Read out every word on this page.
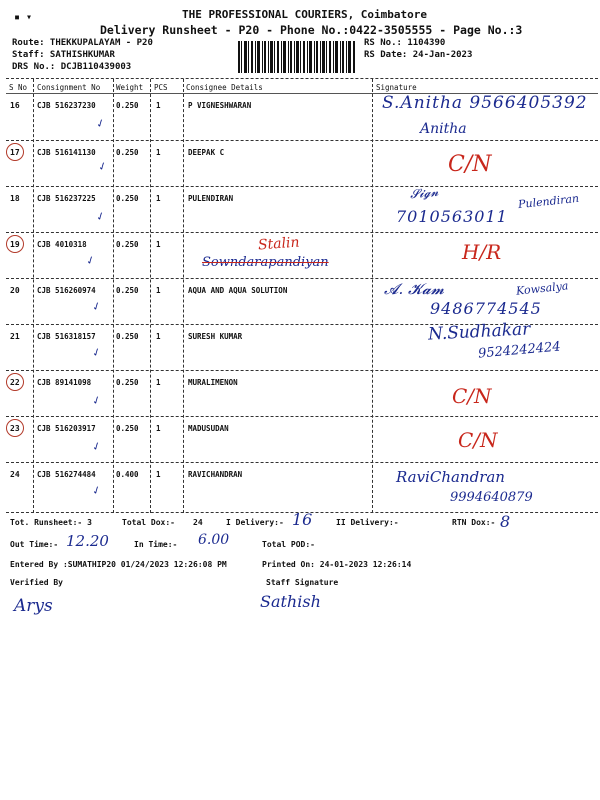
THE PROFESSIONAL COURIERS, Coimbatore
Delivery Runsheet - P20 - Phone No.:0422-3505555 - Page No.:3
Route: THEKKUPALAYAM - P20
Staff: SATHISHKUMAR
DRS No.: DCJB110439003
RS No.: 1104390
RS Date: 24-Jan-2023
▪ ▾
S No Consignment No Weight PCS Consignee Details	Signature
16 CJB 516237230	0.250 1	P VIGNESHWARAN
✓
S.Anitha 9566405392
Anitha
17 CJB 516141130	0.250 1	DEEPAK C
✓	C/N
18 CJB 516237225	0.250 1	PULENDIRAN
✓
𝓢𝓲𝓰𝓷	Pulendiran
7010563011
19 CJB 4010318	0.250 1	Stalin
Sowndarapandiyan
✓	H/R
20 CJB 516260974	0.250 1	AQUA AND AQUA SOLUTION
✓
𝓐. 𝓚𝓪𝓶	Kowsalya
9486774545
21 CJB 516318157	0.250 1	SURESH KUMAR
✓
N.Sudhakar
9524242424
22 CJB 89141098	0.250 1	MURALIMENON
✓	C/N
23 CJB 516203917	0.250 1	MADUSUDAN
✓	C/N
24 CJB 516274484	0.400 1	RAVICHANDRAN
✓
RaviChandran
9994640879
Tot. Runsheet:- 3	Total Dox:- 24	I Delivery:- 16	II Delivery:-	RTN Dox:- 8
Out Time:- 12.20	In Time:- 6.00	Total POD:-
Entered By :SUMATHIP20 01/24/2023 12:26:08 PM	Printed On: 24-01-2023 12:26:14
Verified By
Arys
Staff Signature
Sathish
